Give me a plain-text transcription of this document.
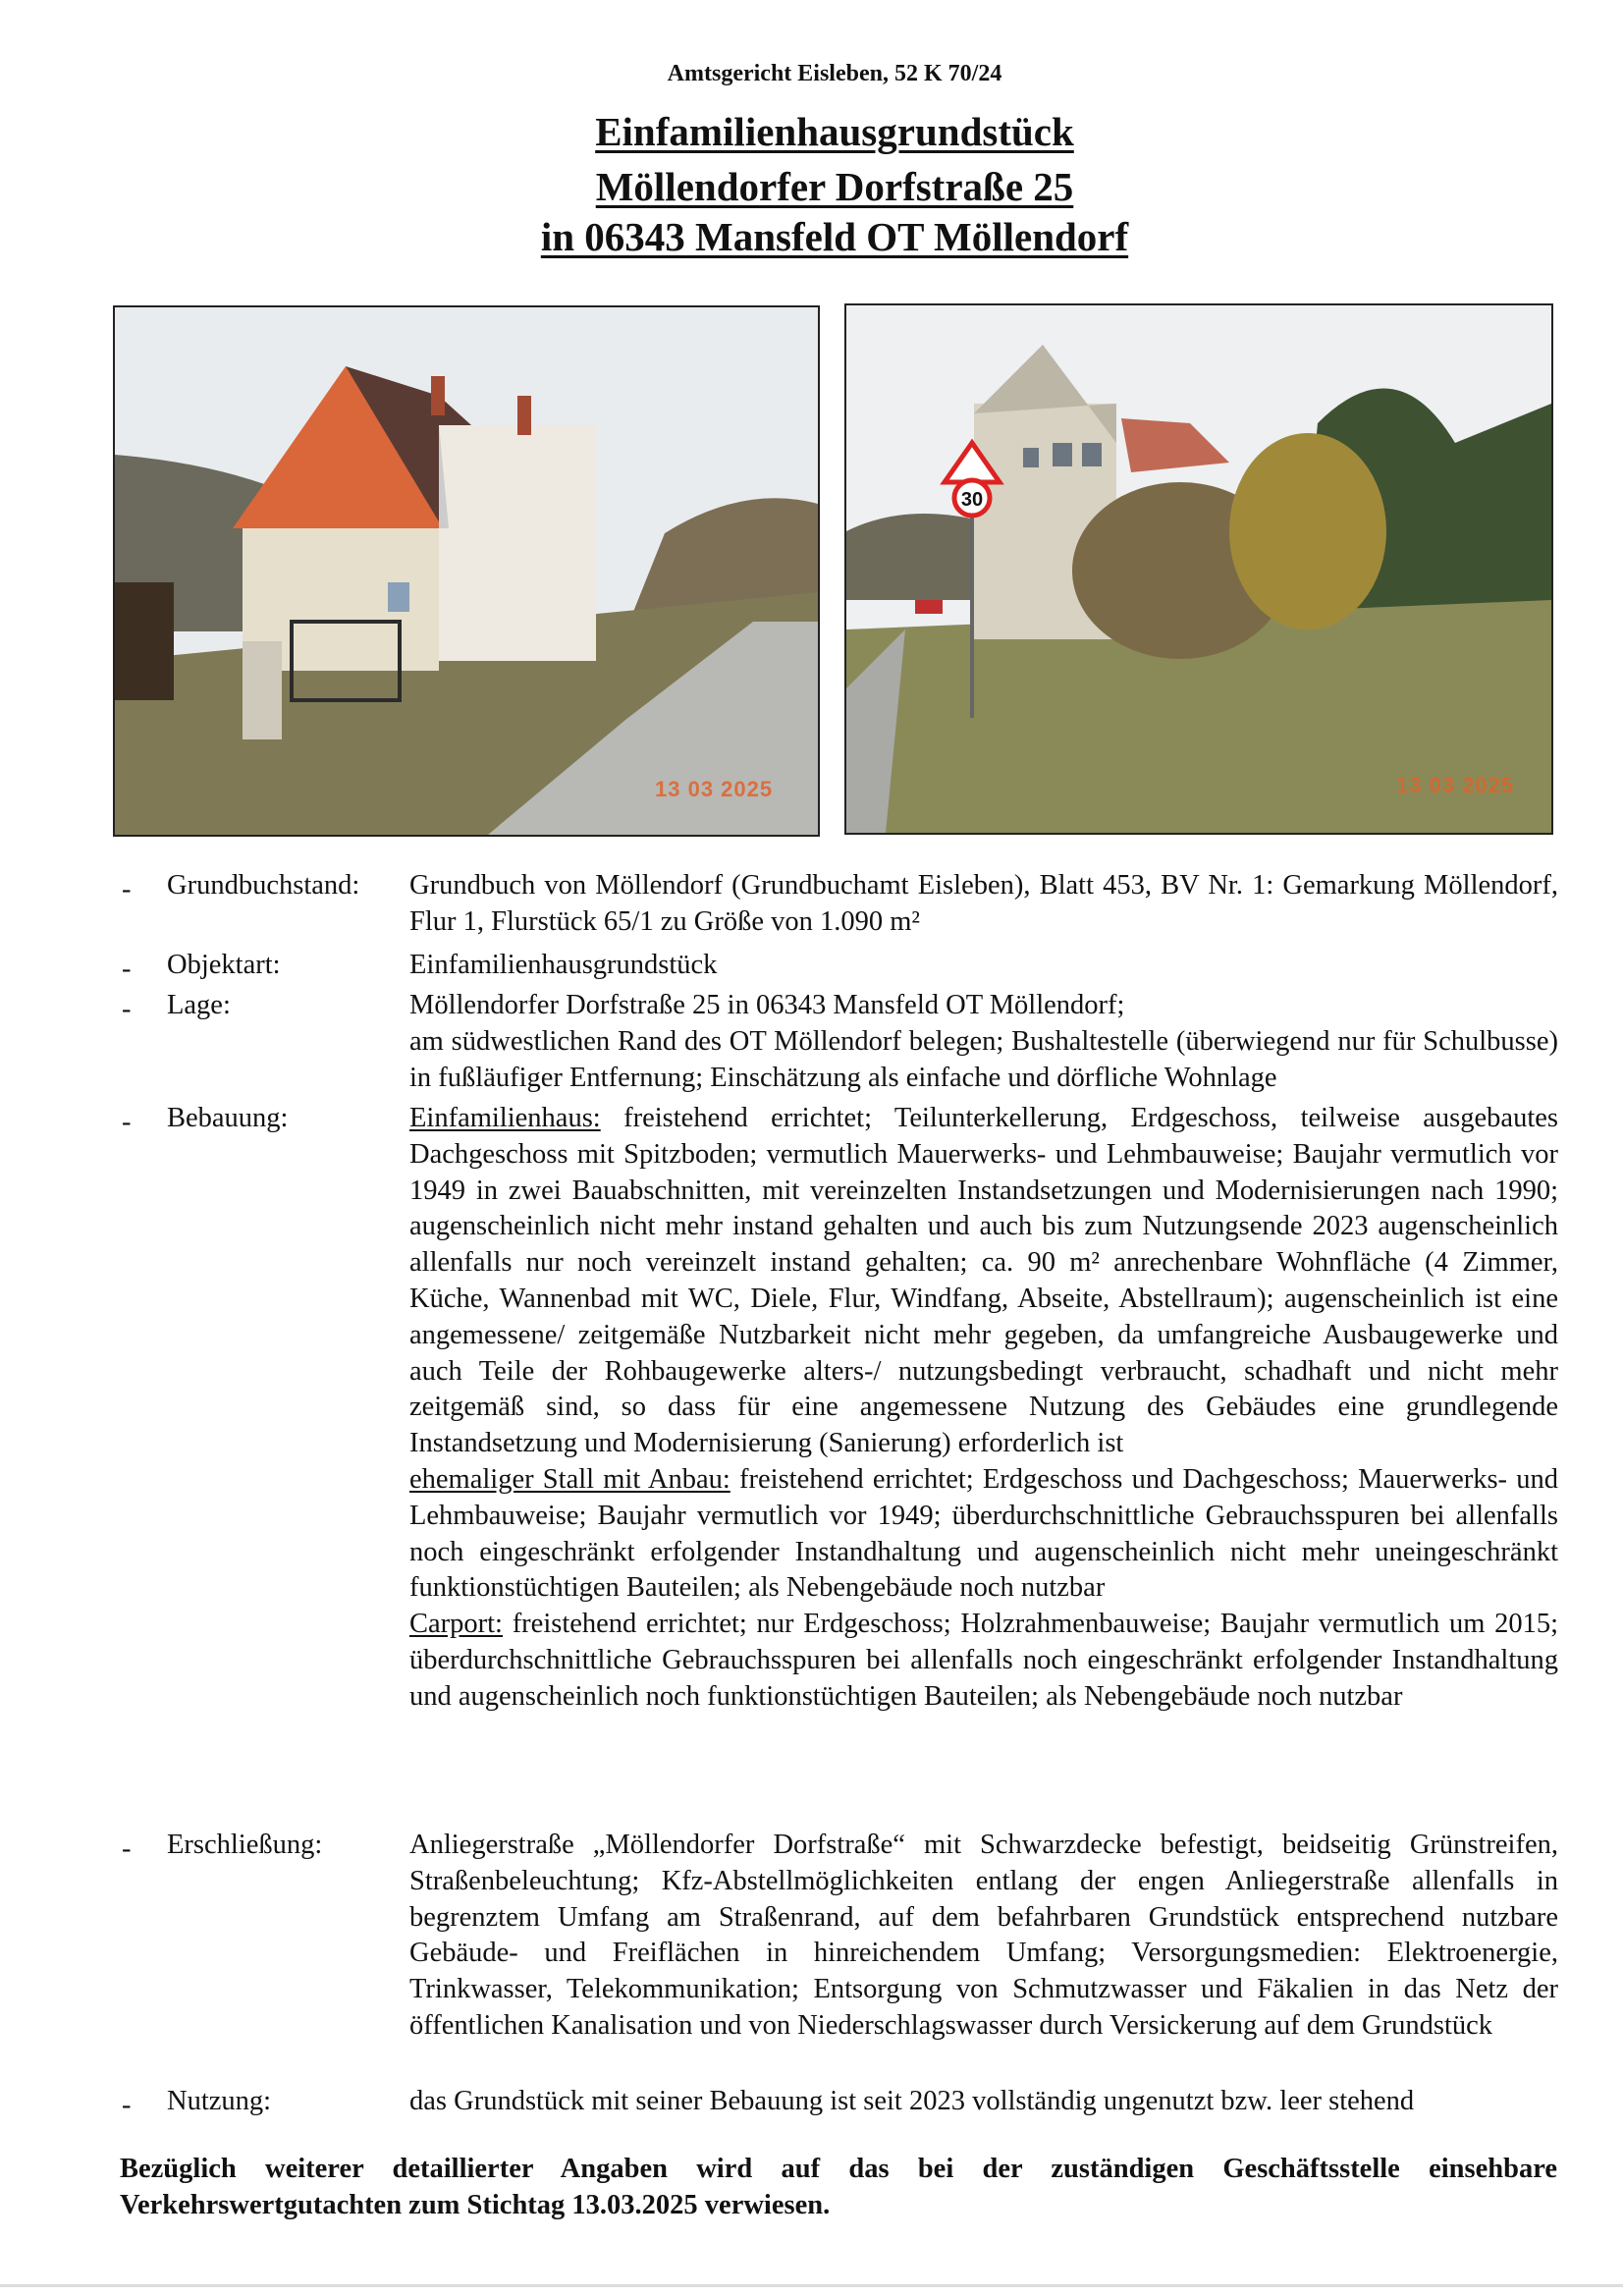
Amtsgericht Eisleben, 52 K 70/24
Einfamilienhausgrundstück
Möllendorfer Dorfstraße 25
in 06343 Mansfeld OT Möllendorf
13 03 2025
30
13 03 2025
- Grundbuchstand: Grundbuch von Möllendorf (Grundbuchamt Eisleben), Blatt 453, BV Nr. 1: Gemarkung Möllendorf, Flur 1, Flurstück 65/1 zu Größe von 1.090 m²
- Objektart:	Einfamilienhausgrundstück
- Lage:	Möllendorfer Dorfstraße 25 in 06343 Mansfeld OT Möllendorf;
am südwestlichen Rand des OT Möllendorf belegen; Bushaltestelle (überwiegend nur für Schulbusse) in fußläufiger Entfernung; Einschätzung als einfache und dörfliche Wohnlage
- Bebauung:	Einfamilienhaus: freistehend errichtet; Teilunterkellerung, Erdgeschoss, teilweise ausgebautes Dachgeschoss mit Spitzboden; vermutlich Mauerwerks- und Lehmbauweise; Baujahr vermutlich vor 1949 in zwei Bauabschnitten, mit vereinzelten Instandsetzungen und Modernisierungen nach 1990; augenscheinlich nicht mehr instand gehalten und auch bis zum Nutzungsende 2023 augenscheinlich allenfalls nur noch vereinzelt instand gehalten; ca. 90 m² anrechenbare Wohnfläche (4 Zimmer, Küche, Wannenbad mit WC, Diele, Flur, Windfang, Abseite, Abstellraum); augenscheinlich ist eine angemessene/ zeitgemäße Nutzbarkeit nicht mehr gegeben, da umfangreiche Ausbaugewerke und auch Teile der Rohbaugewerke alters-/ nutzungsbedingt verbraucht, schadhaft und nicht mehr zeitgemäß sind, so dass für eine angemessene Nutzung des Gebäudes eine grundlegende Instandsetzung und Modernisierung (Sanierung) erforderlich ist
ehemaliger Stall mit Anbau: freistehend errichtet; Erdgeschoss und Dachgeschoss; Mauerwerks- und Lehmbauweise; Baujahr vermutlich vor 1949; überdurchschnittliche Gebrauchsspuren bei allenfalls noch eingeschränkt erfolgender Instandhaltung und augenscheinlich nicht mehr uneingeschränkt funktionstüchtigen Bauteilen; als Nebengebäude noch nutzbar
Carport: freistehend errichtet; nur Erdgeschoss; Holzrahmenbauweise; Baujahr vermutlich um 2015; überdurchschnittliche Gebrauchsspuren bei allenfalls noch eingeschränkt erfolgender Instandhaltung und augenscheinlich noch funktionstüchtigen Bauteilen; als Nebengebäude noch nutzbar
- Erschließung:	Anliegerstraße „Möllendorfer Dorfstraße“ mit Schwarzdecke befestigt, beidseitig Grünstreifen, Straßenbeleuchtung; Kfz-Abstellmöglichkeiten entlang der engen Anliegerstraße allenfalls in begrenztem Umfang am Straßenrand, auf dem befahrbaren Grundstück entsprechend nutzbare Gebäude- und Freiflächen in hinreichendem Umfang; Versorgungsmedien: Elektroenergie, Trinkwasser, Telekommunikation; Entsorgung von Schmutzwasser und Fäkalien in das Netz der öffentlichen Kanalisation und von Niederschlagswasser durch Versickerung auf dem Grundstück
- Nutzung:	das Grundstück mit seiner Bebauung ist seit 2023 vollständig ungenutzt bzw. leer stehend
Bezüglich weiterer detaillierter Angaben wird auf das bei der zuständigen Geschäftsstelle einsehbare Verkehrswertgutachten zum Stichtag 13.03.2025 verwiesen.
